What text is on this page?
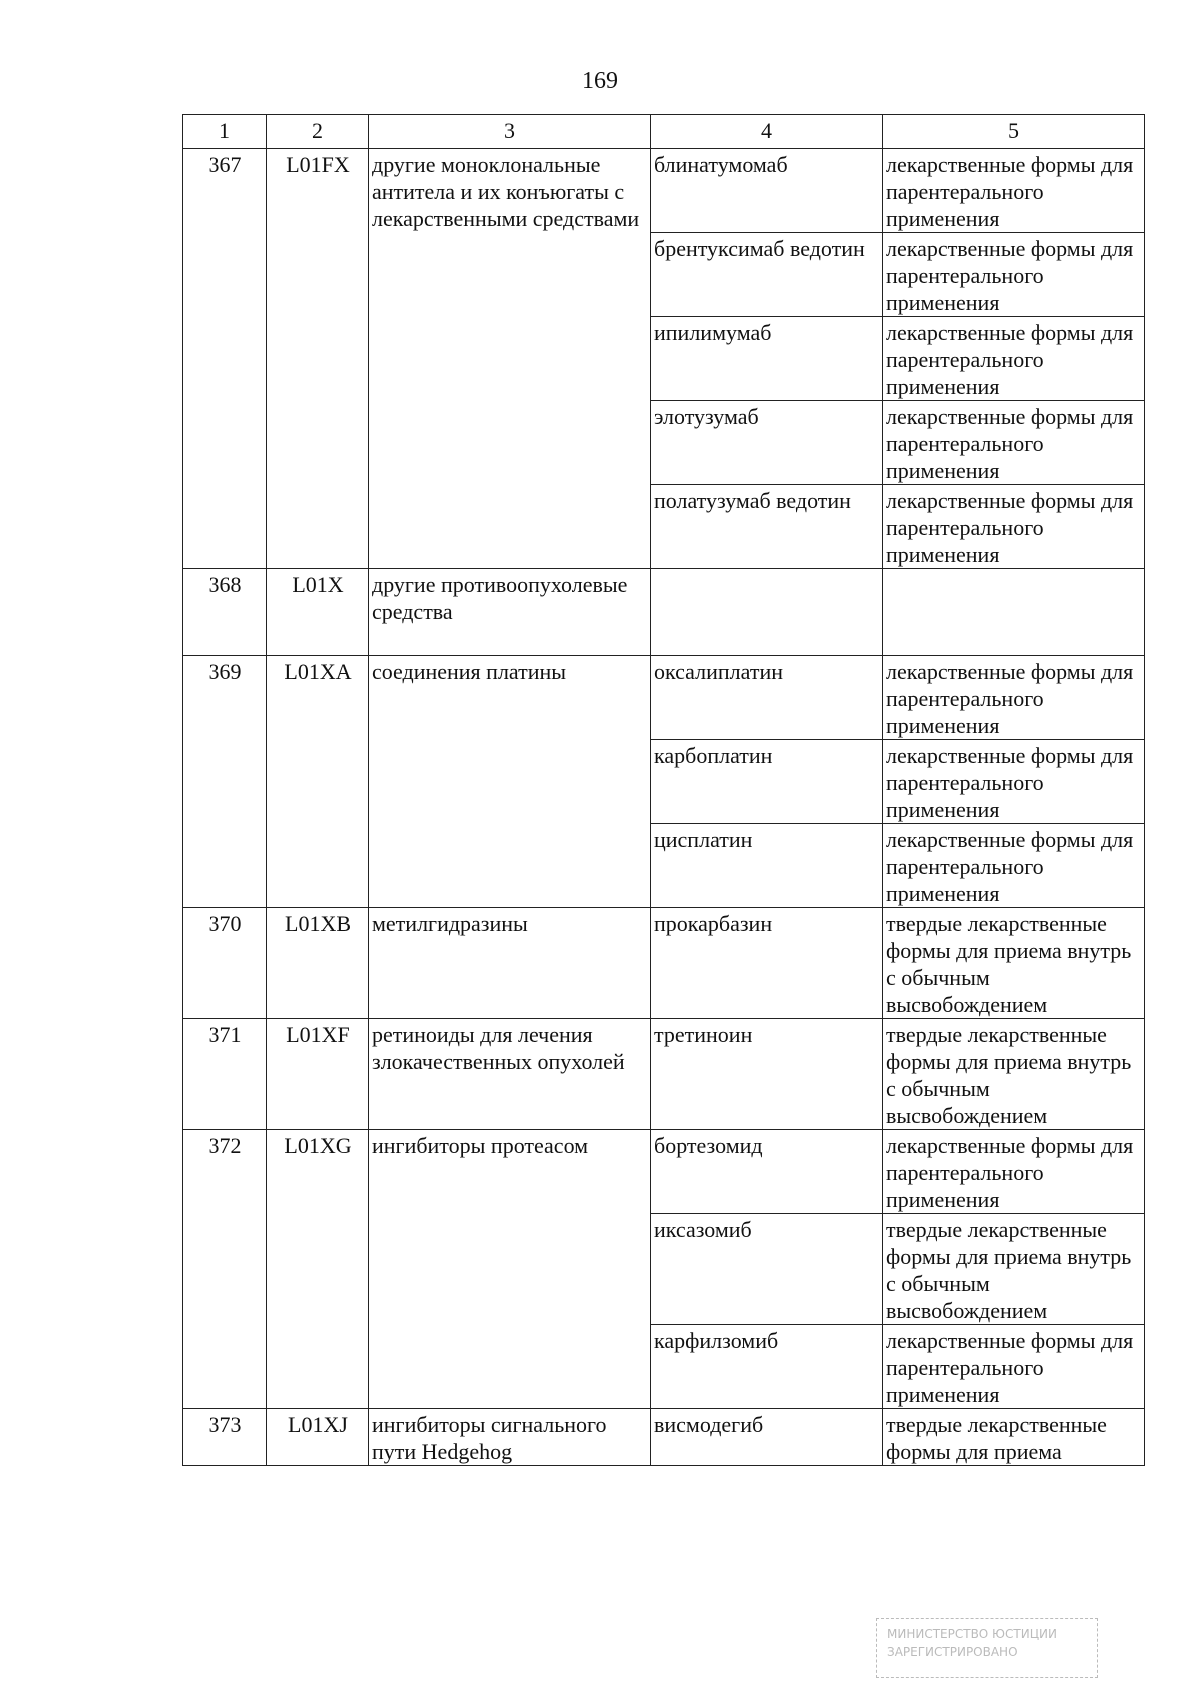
169
1	2	3	4	5
367	L01FX	другие моноклональные антитела и их конъюгаты с лекарственными средствами	блинатумомаб	лекарственные формы для парентерального применения
			брентуксимаб ведотин	лекарственные формы для парентерального применения
			ипилимумаб	лекарственные формы для парентерального применения
			элотузумаб	лекарственные формы для парентерального применения
			полатузумаб ведотин	лекарственные формы для парентерального применения
368	L01X	другие противоопухолевые средства		
369	L01XA	соединения платины	оксалиплатин	лекарственные формы для парентерального применения
			карбоплатин	лекарственные формы для парентерального применения
			цисплатин	лекарственные формы для парентерального применения
370	L01XB	метилгидразины	прокарбазин	твердые лекарственные формы для приема внутрь с обычным высвобождением
371	L01XF	ретиноиды для лечения злокачественных опухолей	третиноин	твердые лекарственные формы для приема внутрь с обычным высвобождением
372	L01XG	ингибиторы протеасом	бортезомид	лекарственные формы для парентерального применения
			иксазомиб	твердые лекарственные формы для приема внутрь с обычным высвобождением
			карфилзомиб	лекарственные формы для парентерального применения
373	L01XJ	ингибиторы сигнального пути Hedgehog	висмодегиб	твердые лекарственные формы для приема
МИНИСТЕРСТВО ЮСТИЦИИ
ЗАРЕГИСТРИРОВАНО
